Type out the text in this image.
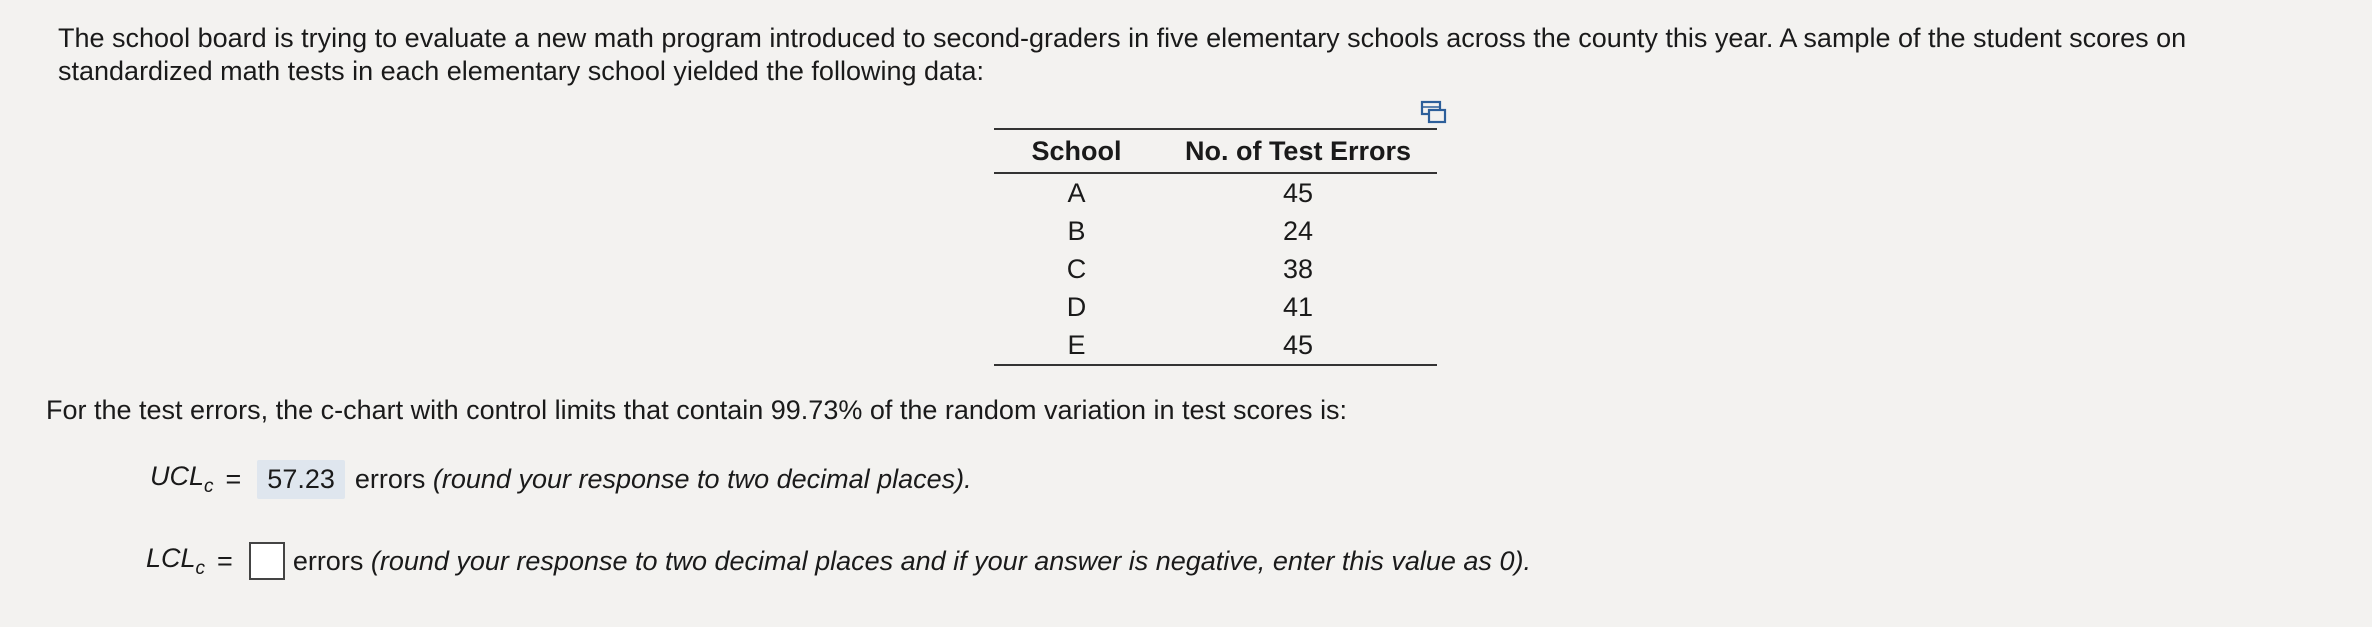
The school board is trying to evaluate a new math program introduced to second-graders in five elementary schools across the county this year. A sample of the student scores on standardized math tests in each elementary school yielded the following data:
School	No. of Test Errors
A	45
B	24
C	38
D	41
E	45
For the test errors, the c-chart with control limits that contain 99.73% of the random variation in test scores is:
$UCL_c = 57.23$ errors
(round your response to two decimal places).
$LCL_c$ = errors
(round your response to two decimal places and if your answer is negative, enter this value as 0).
